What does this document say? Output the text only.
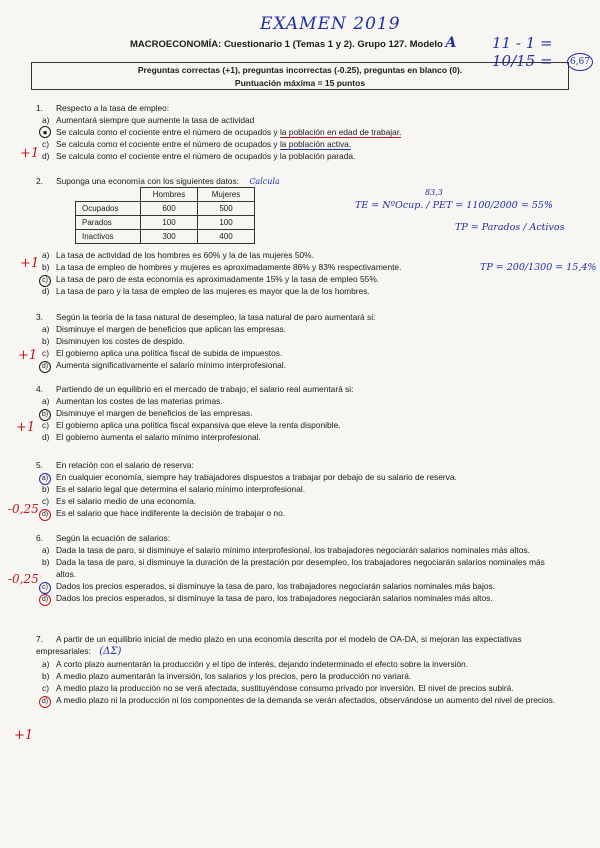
EXAMEN 2019
11 - 1 = 10/15 =	6,67
MACROECONOMÍA: Cuestionario 1 (Temas 1 y 2). Grupo 127. Modelo A
Preguntas correctas (+1), preguntas incorrectas (-0.25), preguntas en blanco (0).
Puntuación máxima = 15 puntos
1. Respecto a la tasa de empleo:
a) Aumentará siempre que aumente la tasa de actividad
●	Se calcula como el cociente entre el número de ocupados y la población en edad de trabajar.
c) Se calcula como el cociente entre el número de ocupados y la población activa.
d) Se calcula como el cociente entre el número de ocupados y la población parada.
+1
2. Suponga una economía con los siguientes datos: Calcula
	Hombres	Mujeres
Ocupados	600	500
Parados	100	100
Inactivos	300	400
83,3
TE = NºOcup. / PET = 1100/2000 = 55%
TP = Parados / Activos
TP = 200/1300 = 15,4%
a) La tasa de actividad de los hombres es 60% y la de las mujeres 50%.
b) La tasa de empleo de hombres y mujeres es aproximadamente 86% y 83% respectivamente.
c) La tasa de paro de esta economía es aproximadamente 15% y la tasa de empleo 55%.
d) La tasa de paro y la tasa de empleo de las mujeres es mayor que la de los hombres.
+1
3. Según la teoría de la tasa natural de desempleo, la tasa natural de paro aumentará si:
a) Disminuye el margen de beneficios que aplican las empresas.
b) Disminuyen los costes de despido.
c) El gobierno aplica una política fiscal de subida de impuestos.
d) Aumenta significativamente el salario mínimo interprofesional.
+1
4. Partiendo de un equilibrio en el mercado de trabajo, el salario real aumentará si:
a) Aumentan los costes de las materias primas.
b) Disminuye el margen de beneficios de las empresas.
c) El gobierno aplica una política fiscal expansiva que eleve la renta disponible.
d) El gobierno aumenta el salario mínimo interprofesional.
+1
5. En relación con el salario de reserva:
a) En cualquier economía, siempre hay trabajadores dispuestos a trabajar por debajo de su salario de reserva.
b) Es el salario legal que determina el salario mínimo interprofesional.
c) Es el salario medio de una economía.
d) Es el salario que hace indiferente la decisión de trabajar o no.
-0,25
6. Según la ecuación de salarios:
a) Dada la tasa de paro, si disminuye el salario mínimo interprofesional, los trabajadores negociarán salarios nominales más altos.
b) Dada la tasa de paro, si disminuye la duración de la prestación por desempleo, los trabajadores negociarán salarios nominales más altos.
c) Dados los precios esperados, si disminuye la tasa de paro, los trabajadores negociarán salarios nominales más bajos.
d) Dados los precios esperados, si disminuye la tasa de paro, los trabajadores negociarán salarios nominales más altos.
-0,25
7. A partir de un equilibrio inicial de medio plazo en una economía descrita por el modelo de OA-DA, si mejoran las expectativas empresariales: (ΔΣ)
a) A corto plazo aumentarán la producción y el tipo de interés, dejando indeterminado el efecto sobre la inversión.
b) A medio plazo aumentarán la inversión, los salarios y los precios, pero la producción no variará.
c) A medio plazo la producción no se verá afectada, sustituyéndose consumo privado por inversión. El nivel de precios subirá.
d) A medio plazo ni la producción ni los componentes de la demanda se verán afectados, observándose un aumento del nivel de precios.
+1
